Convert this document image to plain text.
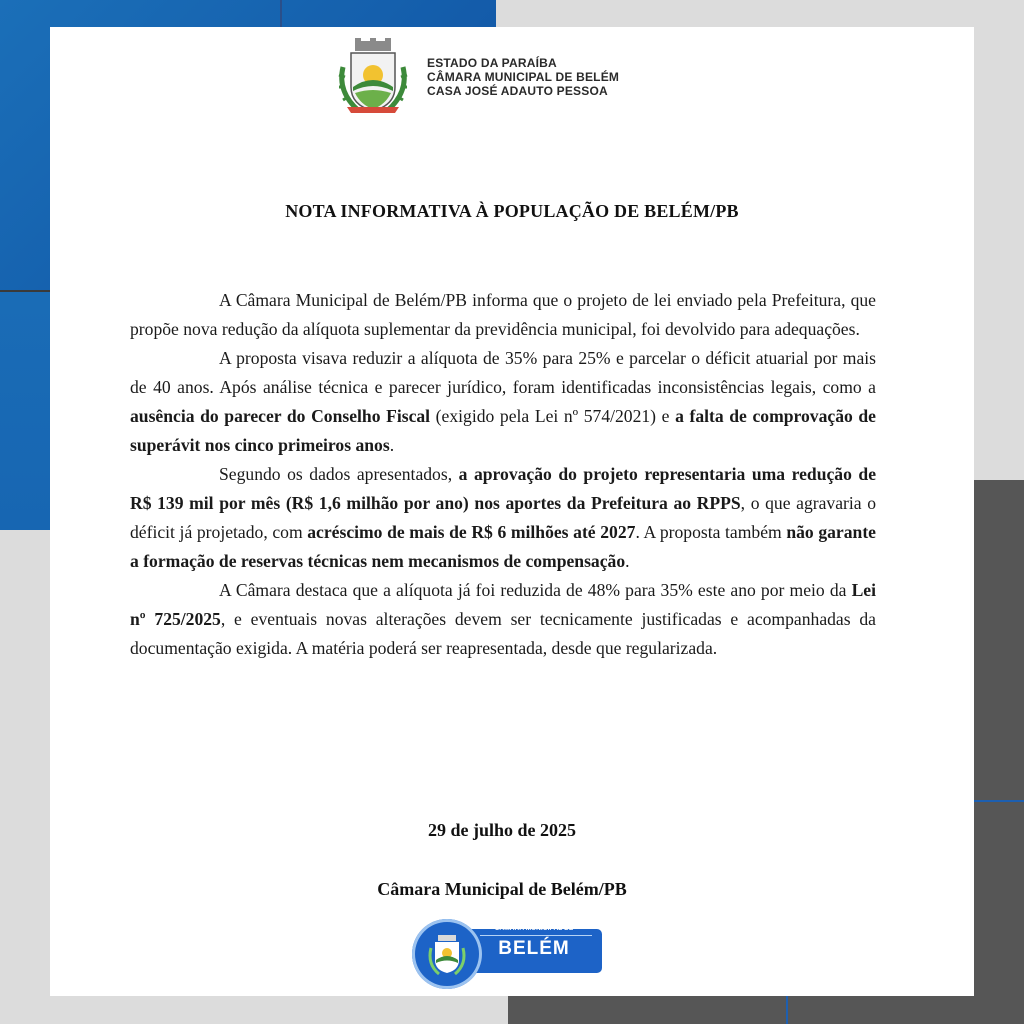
ESTADO DA PARAÍBA
CÂMARA MUNICIPAL DE BELÉM
CASA JOSÉ ADAUTO PESSOA
NOTA INFORMATIVA À POPULAÇÃO DE BELÉM/PB

A Câmara Municipal de Belém/PB informa que o projeto de lei enviado pela Prefeitura, que propõe nova redução da alíquota suplementar da previdência municipal, foi devolvido para adequações.

A proposta visava reduzir a alíquota de 35% para 25% e parcelar o déficit atuarial por mais de 40 anos. Após análise técnica e parecer jurídico, foram identificadas inconsistências legais, como a ausência do parecer do Conselho Fiscal (exigido pela Lei nº 574/2021) e a falta de comprovação de superávit nos cinco primeiros anos.

Segundo os dados apresentados, a aprovação do projeto representaria uma redução de R$ 139 mil por mês (R$ 1,6 milhão por ano) nos aportes da Prefeitura ao RPPS, o que agravaria o déficit já projetado, com acréscimo de mais de R$ 6 milhões até 2027. A proposta também não garante a formação de reservas técnicas nem mecanismos de compensação.

A Câmara destaca que a alíquota já foi reduzida de 48% para 35% este ano por meio da Lei nº 725/2025, e eventuais novas alterações devem ser tecnicamente justificadas e acompanhadas da documentação exigida. A matéria poderá ser reapresentada, desde que regularizada.

29 de julho de 2025
Câmara Municipal de Belém/PB
CÂMARA MUNICIPAL DE
BELÉM
